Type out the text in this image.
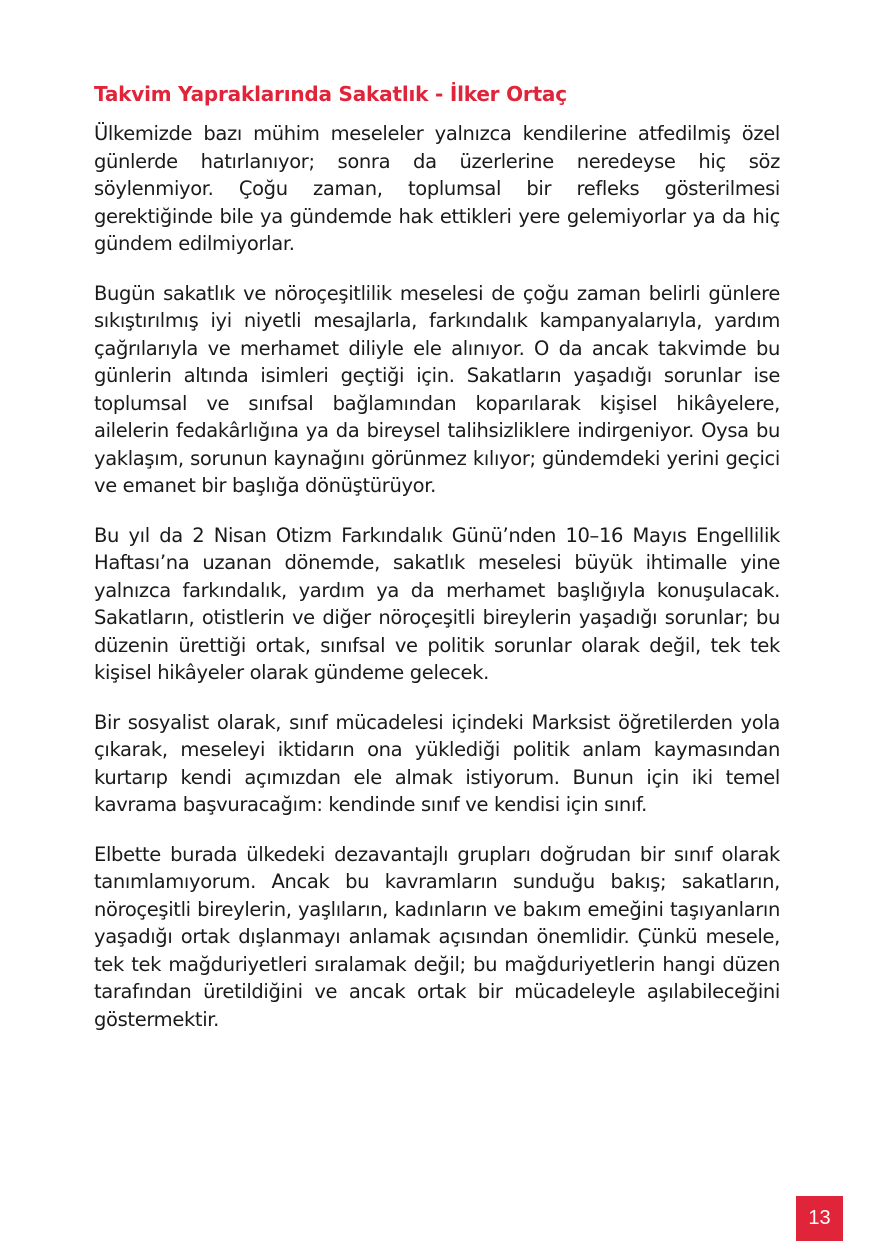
Takvim Yapraklarında Sakatlık - İlker Ortaç

Ülkemizde bazı mühim meseleler yalnızca kendilerine atfedilmiş özel günlerde hatırlanıyor; sonra da üzerlerine neredeyse hiç söz söylenmiyor. Çoğu zaman, toplumsal bir refleks gösterilmesi gerektiğinde bile ya gündemde hak ettikleri yere gelemiyorlar ya da hiç gündem edilmiyorlar.

Bugün sakatlık ve nöroçeşitlilik meselesi de çoğu zaman belirli günlere sıkıştırılmış iyi niyetli mesajlarla, farkındalık kampanyalarıyla, yardım çağrılarıyla ve merhamet diliyle ele alınıyor. O da ancak takvimde bu günlerin altında isimleri geçtiği için. Sakatların yaşadığı sorunlar ise toplumsal ve sınıfsal bağlamından koparılarak kişisel hikâyelere, ailelerin fedakârlığına ya da bireysel talihsizliklere indirgeniyor. Oysa bu yaklaşım, sorunun kaynağını görünmez kılıyor; gündemdeki yerini geçici ve emanet bir başlığa dönüştürüyor.

Bu yıl da 2 Nisan Otizm Farkındalık Günü’nden 10–16 Mayıs Engellilik Haftası’na uzanan dönemde, sakatlık meselesi büyük ihtimalle yine yalnızca farkındalık, yardım ya da merhamet başlığıyla konuşulacak. Sakatların, otistlerin ve diğer nöroçeşitli bireylerin yaşadığı sorunlar; bu düzenin ürettiği ortak, sınıfsal ve politik sorunlar olarak değil, tek tek kişisel hikâyeler olarak gündeme gelecek.

Bir sosyalist olarak, sınıf mücadelesi içindeki Marksist öğretilerden yola çıkarak, meseleyi iktidarın ona yüklediği politik anlam kaymasından kurtarıp kendi açımızdan ele almak istiyorum. Bunun için iki temel kavrama başvuracağım: kendinde sınıf ve kendisi için sınıf.

Elbette burada ülkedeki dezavantajlı grupları doğrudan bir sınıf olarak tanımlamıyorum. Ancak bu kavramların sunduğu bakış; sakatların, nöroçeşitli bireylerin, yaşlıların, kadınların ve bakım emeğini taşıyanların yaşadığı ortak dışlanmayı anlamak açısından önemlidir. Çünkü mesele, tek tek mağduriyetleri sıralamak değil; bu mağduriyetlerin hangi düzen tarafından üretildiğini ve ancak ortak bir mücadeleyle aşılabileceğini göstermektir.

13
